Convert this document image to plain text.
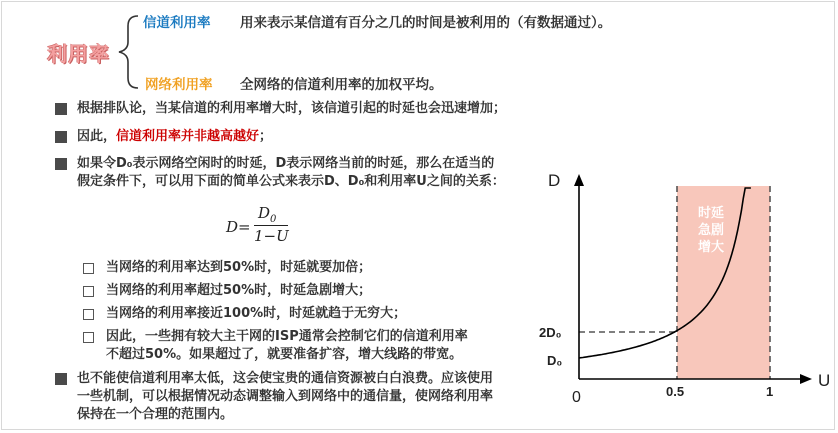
利用率
信道利用率 用来表示某信道有百分之几的时间是被利用的（有数据通过）。
网络利用率 全网络的信道利用率的加权平均。
根据排队论，当某信道的利用率增大时，该信道引起的时延也会迅速增加；
因此，信道利用率并非越高越好；
如果令D₀表示网络空闲时的时延，D表示网络当前的时延，那么在适当的
假定条件下，可以用下面的简单公式来表示D、D₀和利用率U之间的关系：
D=
$D_0$
1−U
当网络的利用率达到50%时，时延就要加倍；
当网络的利用率超过50%时，时延急剧增大；
当网络的利用率接近100%时，时延就趋于无穷大；
因此，一些拥有较大主干网的ISP通常会控制它们的信道利用率
不超过50%。如果超过了，就要准备扩容，增大线路的带宽。
也不能使信道利用率太低，这会使宝贵的通信资源被白白浪费。应该使用
一些机制，可以根据情况动态调整输入到网络中的通信量，使网络利用率
保持在一个合理的范围内。
D
U
0	0.5	1
2D₀
D₀
时延
急剧
增大
